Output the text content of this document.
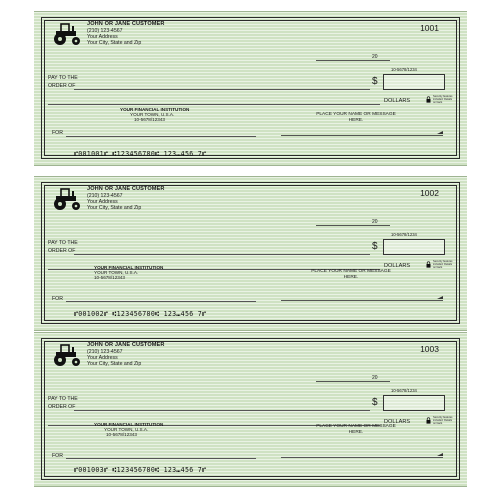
JOHN OR JANE CUSTOMER
(210) 123-4567
Your Address
Your City, State and Zip
1001
20
10-5678/1234
PAY TO THE
ORDER OF	$
DOLLARS
Security features included. Details on back.
YOUR FINANCIAL INSTITUTION
YOUR TOWN, U.S.A.
10-5678/12343
PLACE YOUR NAME OR MESSAGE HERE.
FOR
⑈001001⑈ ⑆123456780⑆ 123⑉456 7⑈
JOHN OR JANE CUSTOMER
(210) 123-4567
Your Address
Your City, State and Zip
1002
20
10-5678/1234
PAY TO THE
ORDER OF	$
DOLLARS
Security features included. Details on back.
YOUR FINANCIAL INSTITUTION
YOUR TOWN, U.S.A.
10-5678/12343
PLACE YOUR NAME OR MESSAGE HERE.
FOR
⑈001002⑈ ⑆123456780⑆ 123⑉456 7⑈
JOHN OR JANE CUSTOMER
(210) 123-4567
Your Address
Your City, State and Zip
1003
20
10-5678/1234
PAY TO THE
ORDER OF	$
DOLLARS
Security features included. Details on back.
YOUR FINANCIAL INSTITUTION
YOUR TOWN, U.S.A.
10-5678/12343
PLACE YOUR NAME OR MESSAGE HERE.
FOR
⑈001003⑈ ⑆123456780⑆ 123⑉456 7⑈
